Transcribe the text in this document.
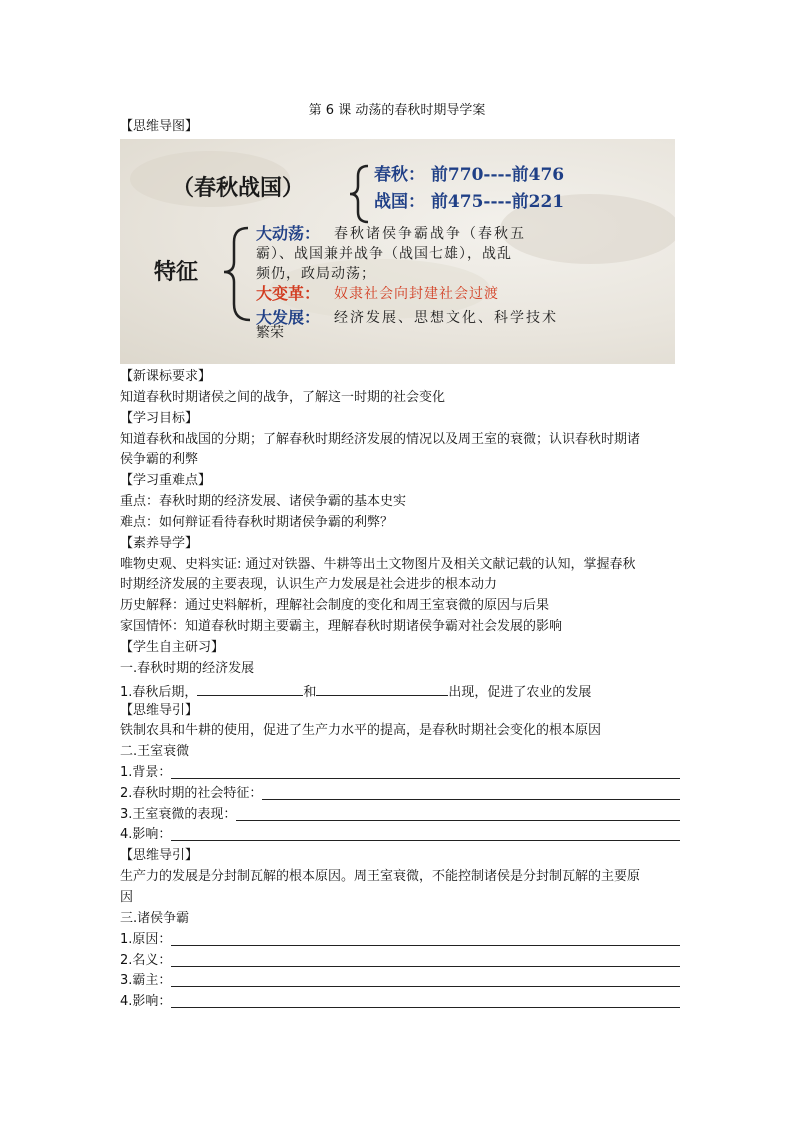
第 6 课 动荡的春秋时期导学案
【思维导图】
（春秋战国）	春秋： 前770----前476
战国： 前475----前221
特征
大动荡： 春秋诸侯争霸战争（春秋五
霸）、战国兼并战争（战国七雄），战乱
频仍，政局动荡；
大变革： 奴隶社会向封建社会过渡
大发展： 经济发展、思想文化、科学技术
繁荣
【新课标要求】
知道春秋时期诸侯之间的战争，了解这一时期的社会变化
【学习目标】
知道春秋和战国的分期；了解春秋时期经济发展的情况以及周王室的衰微；认识春秋时期诸
侯争霸的利弊
【学习重难点】
重点：春秋时期的经济发展、诸侯争霸的基本史实
难点：如何辩证看待春秋时期诸侯争霸的利弊？
【素养导学】
唯物史观、史料实证: 通过对铁器、牛耕等出土文物图片及相关文献记载的认知，掌握春秋
时期经济发展的主要表现，认识生产力发展是社会进步的根本动力
历史解释：通过史料解析，理解社会制度的变化和周王室衰微的原因与后果
家国情怀：知道春秋时期主要霸主，理解春秋时期诸侯争霸对社会发展的影响
【学生自主研习】
一.春秋时期的经济发展
1.春秋后期，	和	出现，促进了农业的发展
【思维导引】
铁制农具和牛耕的使用，促进了生产力水平的提高，是春秋时期社会变化的根本原因
二.王室衰微
1.背景：
2.春秋时期的社会特征：
3.王室衰微的表现：
4.影响：
【思维导引】
生产力的发展是分封制瓦解的根本原因。周王室衰微，不能控制诸侯是分封制瓦解的主要原
因
三.诸侯争霸
1.原因：
2.名义：
3.霸主：
4.影响：
